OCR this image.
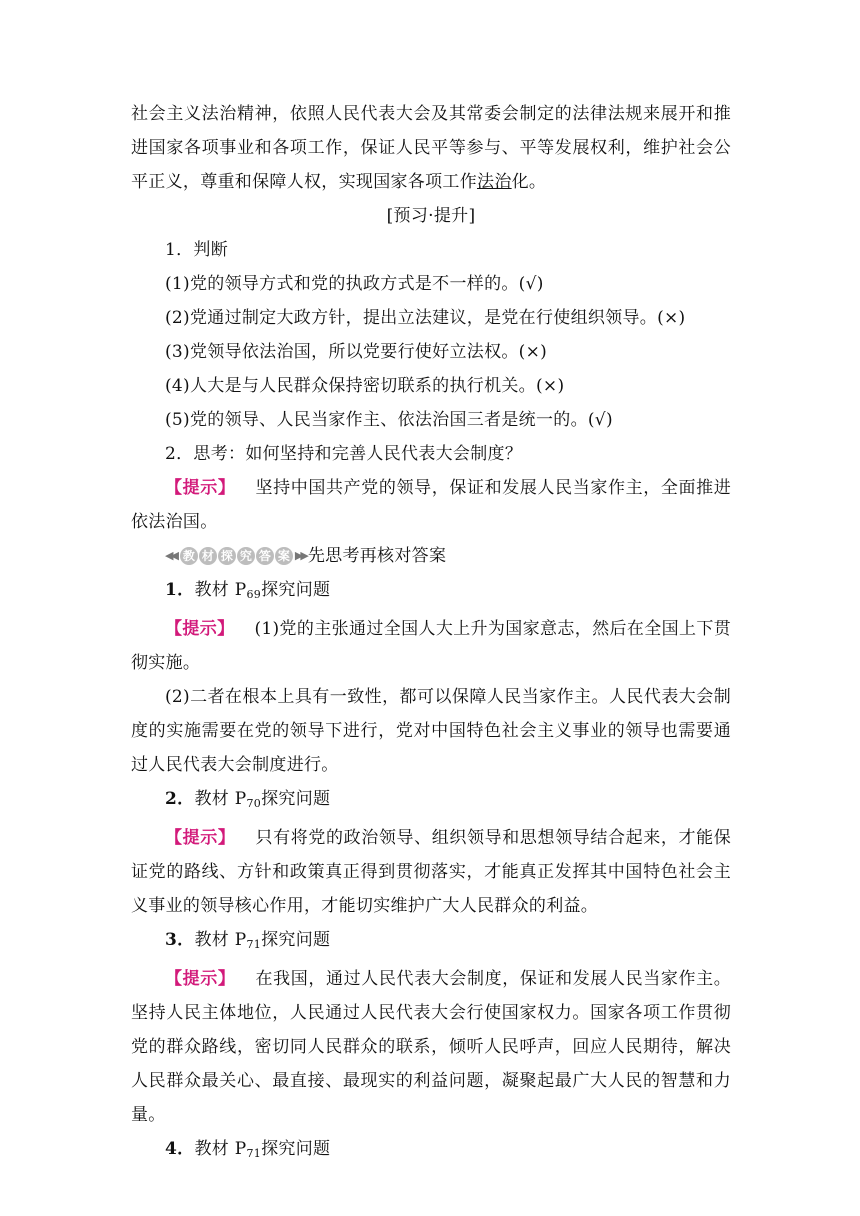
社会主义法治精神，依照人民代表大会及其常委会制定的法律法规来展开和推进国家各项事业和各项工作，保证人民平等参与、平等发展权利，维护社会公平正义，尊重和保障人权，实现国家各项工作法治化。

[预习·提升]

1．判断

(1)党的领导方式和党的执政方式是不一样的。(√)

(2)党通过制定大政方针，提出立法建议，是党在行使组织领导。(×)

(3)党领导依法治国，所以党要行使好立法权。(×)

(4)人大是与人民群众保持密切联系的执行机关。(×)

(5)党的领导、人民当家作主、依法治国三者是统一的。(√)

2．思考：如何坚持和完善人民代表大会制度？

【提示】 坚持中国共产党的领导，保证和发展人民当家作主，全面推进依法治国。

◀◀ 教 材 探 究 答 案 ▶▶ 先思考再核对答案

1．教材 $P_{69}$探究问题

【提示】 (1)党的主张通过全国人大上升为国家意志，然后在全国上下贯彻实施。

(2)二者在根本上具有一致性，都可以保障人民当家作主。人民代表大会制度的实施需要在党的领导下进行，党对中国特色社会主义事业的领导也需要通过人民代表大会制度进行。

2．教材 $P_{70}$探究问题

【提示】 只有将党的政治领导、组织领导和思想领导结合起来，才能保证党的路线、方针和政策真正得到贯彻落实，才能真正发挥其中国特色社会主义事业的领导核心作用，才能切实维护广大人民群众的利益。

3．教材 $P_{71}$探究问题

【提示】 在我国，通过人民代表大会制度，保证和发展人民当家作主。坚持人民主体地位，人民通过人民代表大会行使国家权力。国家各项工作贯彻党的群众路线，密切同人民群众的联系，倾听人民呼声，回应人民期待，解决人民群众最关心、最直接、最现实的利益问题，凝聚起最广大人民的智慧和力量。

4．教材 $P_{71}$探究问题
